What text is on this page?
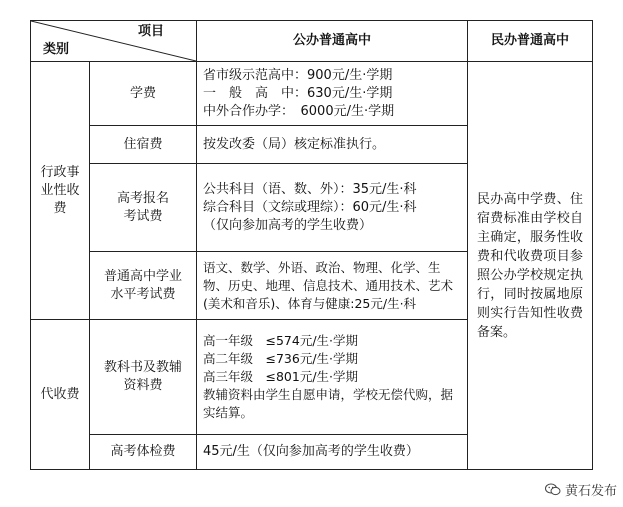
项目
类别
公办普通高中	民办普通高中
行政事业性收费
代收费
学费
住宿费
高考报名考试费
普通高中学业水平考试费
教科书及教辅资料费
高考体检费
省市级示范高中：900元/生·学期
一　般　高　中：630元/生·学期
中外合作办学：　6000元/生·学期
按发改委（局）核定标准执行。
公共科目（语、数、外）：35元/生·科
综合科目（文综或理综）：60元/生·科
（仅向参加高考的学生收费）
语文、数学、外语、政治、物理、化学、生物、历史、地理、信息技术、通用技术、艺术(美术和音乐)、体育与健康:25元/生·科
高一年级　≤574元/生·学期
高二年级　≤736元/生·学期
高三年级　≤801元/生·学期
教辅资料由学生自愿申请，学校无偿代购，据实结算。
45元/生（仅向参加高考的学生收费）
民办高中学费、住宿费标准由学校自主确定，服务性收费和代收费项目参照公办学校规定执行，同时按属地原则实行告知性收费备案。
黄石发布
